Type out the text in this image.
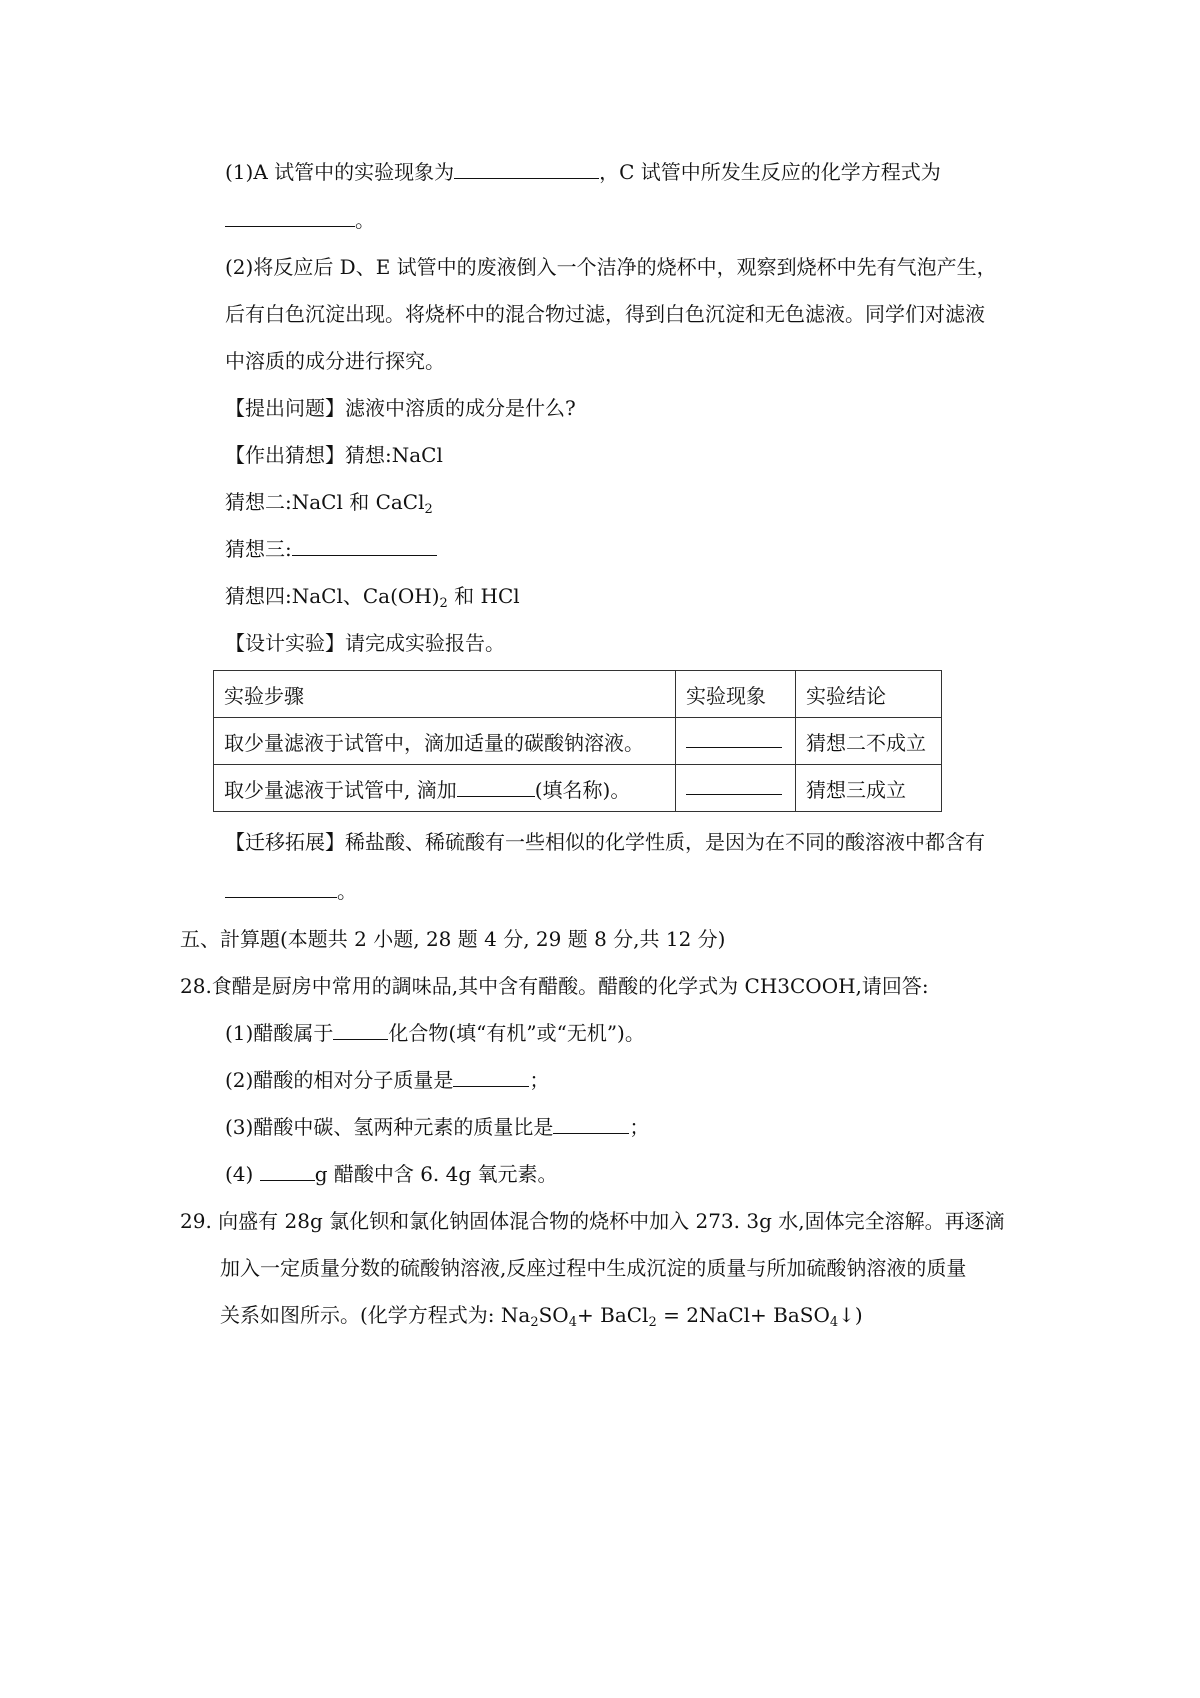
(1)A 试管中的实验现象为	，C 试管中所发生反应的化学方程式为
。
(2)将反应后 D、E 试管中的废液倒入一个洁净的烧杯中，观察到烧杯中先有气泡产生，
后有白色沉淀出现。将烧杯中的混合物过滤，得到白色沉淀和无色滤液。同学们对滤液
中溶质的成分进行探究。
【提出问题】滤液中溶质的成分是什么?
【作出猜想】猜想:NaCl
猜想二:NaCl 和 CaCl$_2$
猜想三:
猜想四:NaCl、$Ca(OH)_2$ 和 HCl
【设计实验】请完成实验报告。
实验步骤	实验现象	实验结论
取少量滤液于试管中，滴加适量的碳酸钠溶液。		猜想二不成立
取少量滤液于试管中, 滴加 (填名称)。		猜想三成立
【迁移拓展】稀盐酸、稀硫酸有一些相似的化学性质，是因为在不同的酸溶液中都含有
。
五、計算題(本题共 2 小题, 28 题 4 分, 29 题 8 分,共 12 分)
28.食醋是厨房中常用的調味品,其中含有醋酸。醋酸的化学式为 CH3COOH,请回答:
(1)醋酸属于	化合物(填“有机”或“无机”)。
(2)醋酸的相对分子质量是	；
(3)醋酸中碳、氢两种元素的质量比是	；
(4)	g 醋酸中含 6. 4g 氧元素。
29. 向盛有 28g 氯化钡和氯化钠固体混合物的烧杯中加入 273. 3g 水,固体完全溶解。再逐滴
加入一定质量分数的硫酸钠溶液,反座过程中生成沉淀的质量与所加硫酸钠溶液的质量
关系如图所示。(化学方程式为: $Na_2SO_4+$ BaCl$_2$ = 2NaCl+ BaSO$_4$↓)
